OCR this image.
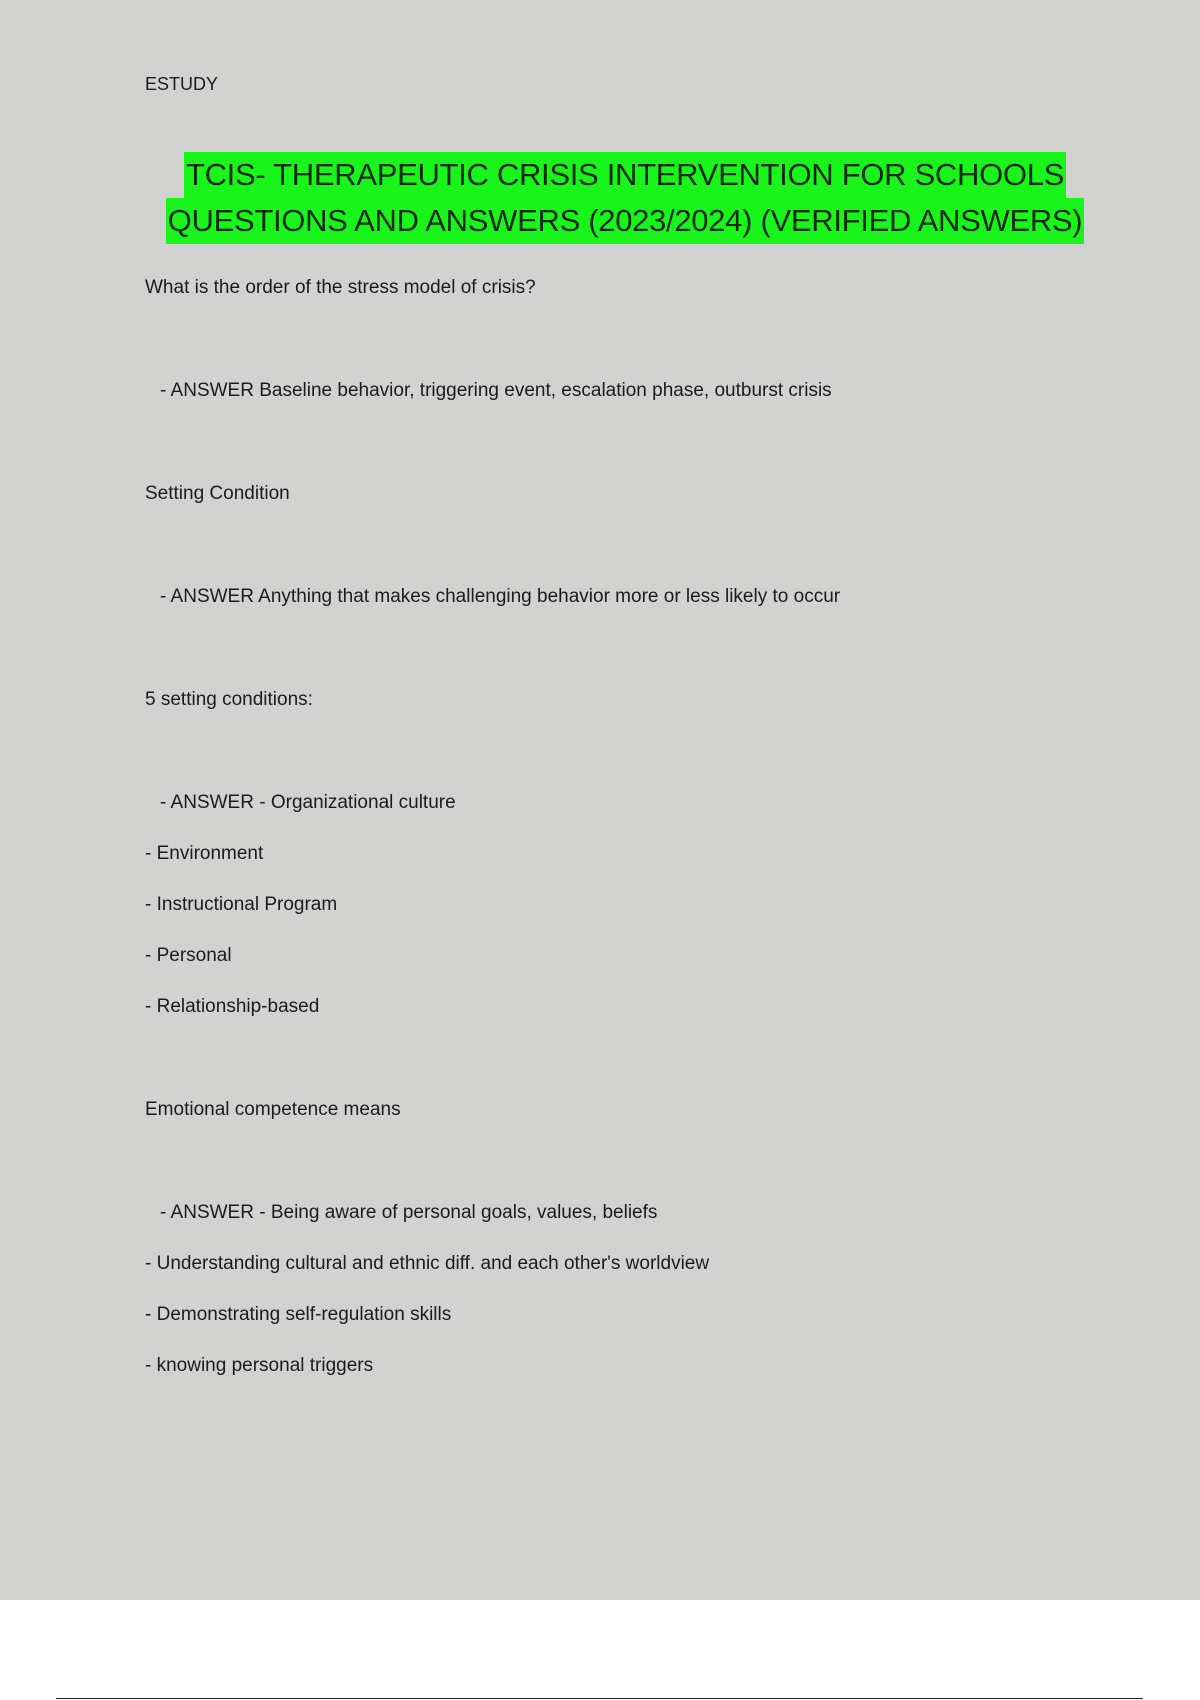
ESTUDY
TCIS- THERAPEUTIC CRISIS INTERVENTION FOR SCHOOLS
QUESTIONS AND ANSWERS (2023/2024) (VERIFIED ANSWERS)
What is the order of the stress model of crisis?
- ANSWER Baseline behavior, triggering event, escalation phase, outburst crisis
Setting Condition
- ANSWER Anything that makes challenging behavior more or less likely to occur
5 setting conditions:
- ANSWER - Organizational culture
- Environment
- Instructional Program
- Personal
- Relationship-based
Emotional competence means
- ANSWER - Being aware of personal goals, values, beliefs
- Understanding cultural and ethnic diff. and each other's worldview
- Demonstrating self-regulation skills
- knowing personal triggers
